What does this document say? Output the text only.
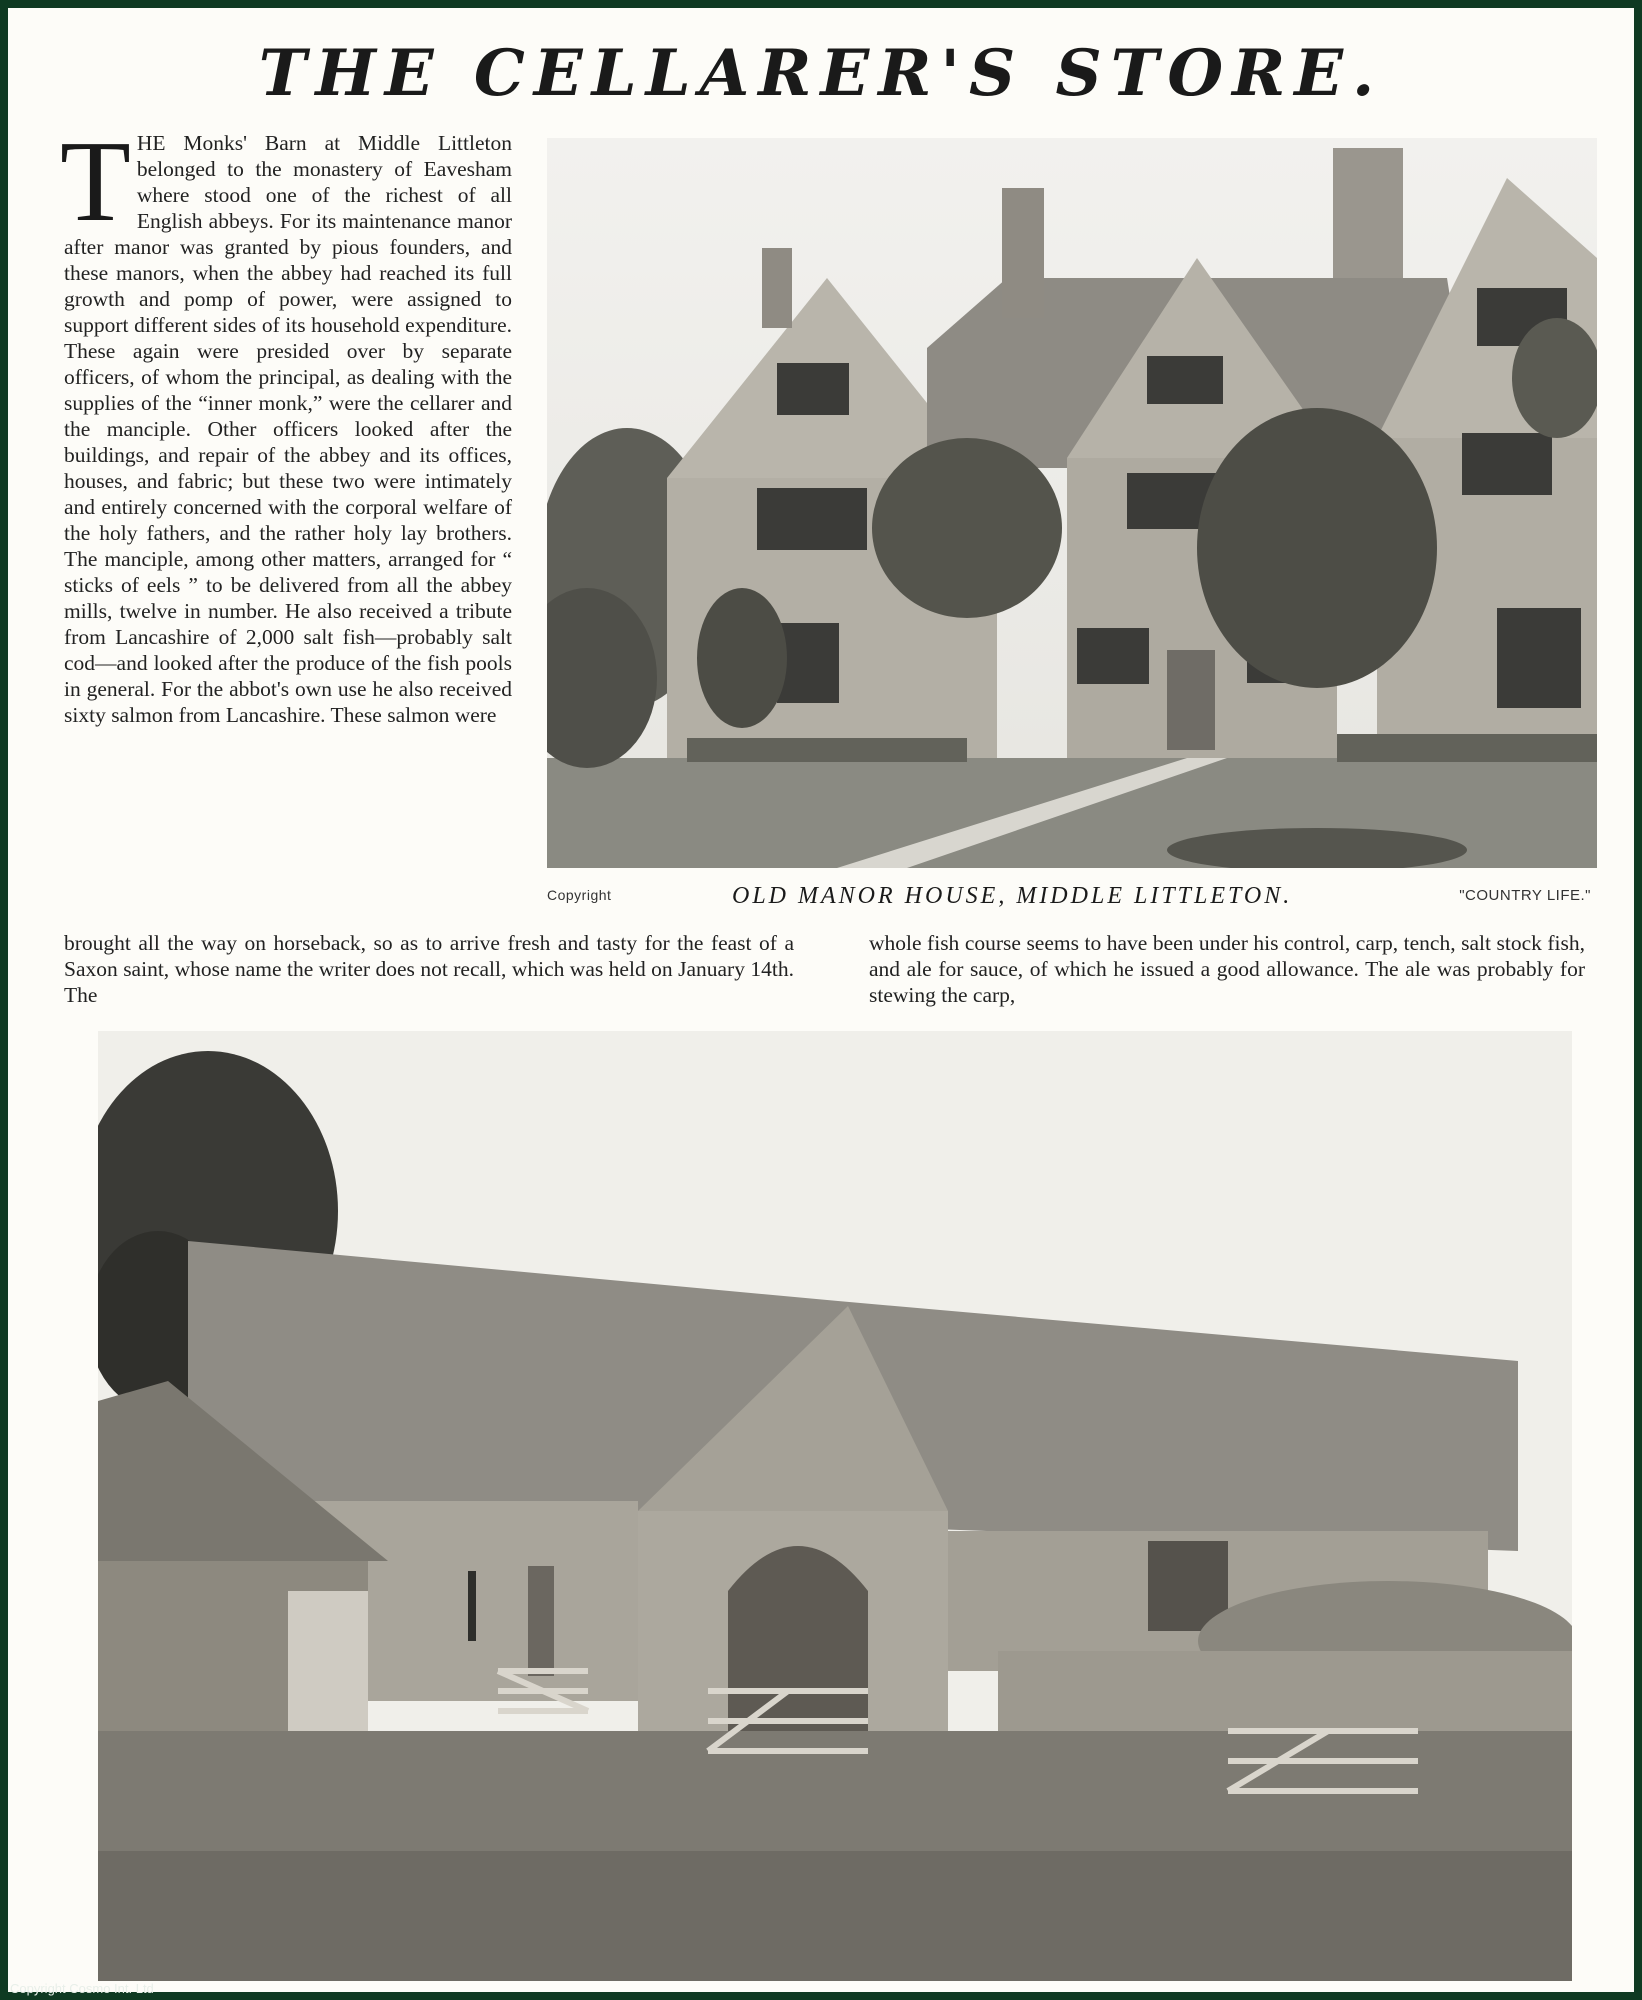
THE CELLARER'S STORE.
T HE Monks' Barn at Middle Littleton belonged to the monastery of Eavesham where stood one of the richest of all English abbeys. For its maintenance manor after manor was granted by pious founders, and these manors, when the abbey had reached its full growth and pomp of power, were assigned to support different sides of its household expenditure. These again were presided over by separate officers, of whom the principal, as dealing with the supplies of the “inner monk,” were the cellarer and the manciple. Other officers looked after the buildings, and repair of the abbey and its offices, houses, and fabric; but these two were intimately and entirely concerned with the corporal welfare of the holy fathers, and the rather holy lay brothers. The manciple, among other matters, arranged for “ sticks of eels ” to be delivered from all the abbey mills, twelve in number. He also received a tribute from Lancashire of 2,000 salt fish—probably salt cod—and looked after the produce of the fish pools in general. For the abbot's own use he also received sixty salmon from Lancashire. These salmon were
Copyright	OLD MANOR HOUSE, MIDDLE LITTLETON.	"COUNTRY LIFE."
brought all the way on horseback, so as to arrive fresh and tasty for the feast of a Saxon saint, whose name the writer does not recall, which was held on January 14th. The
whole fish course seems to have been under his control, carp, tench, salt stock fish, and ale for sauce, of which he issued a good allowance. The ale was probably for stewing the carp,
Copyright Cosmo Int. Ltd
